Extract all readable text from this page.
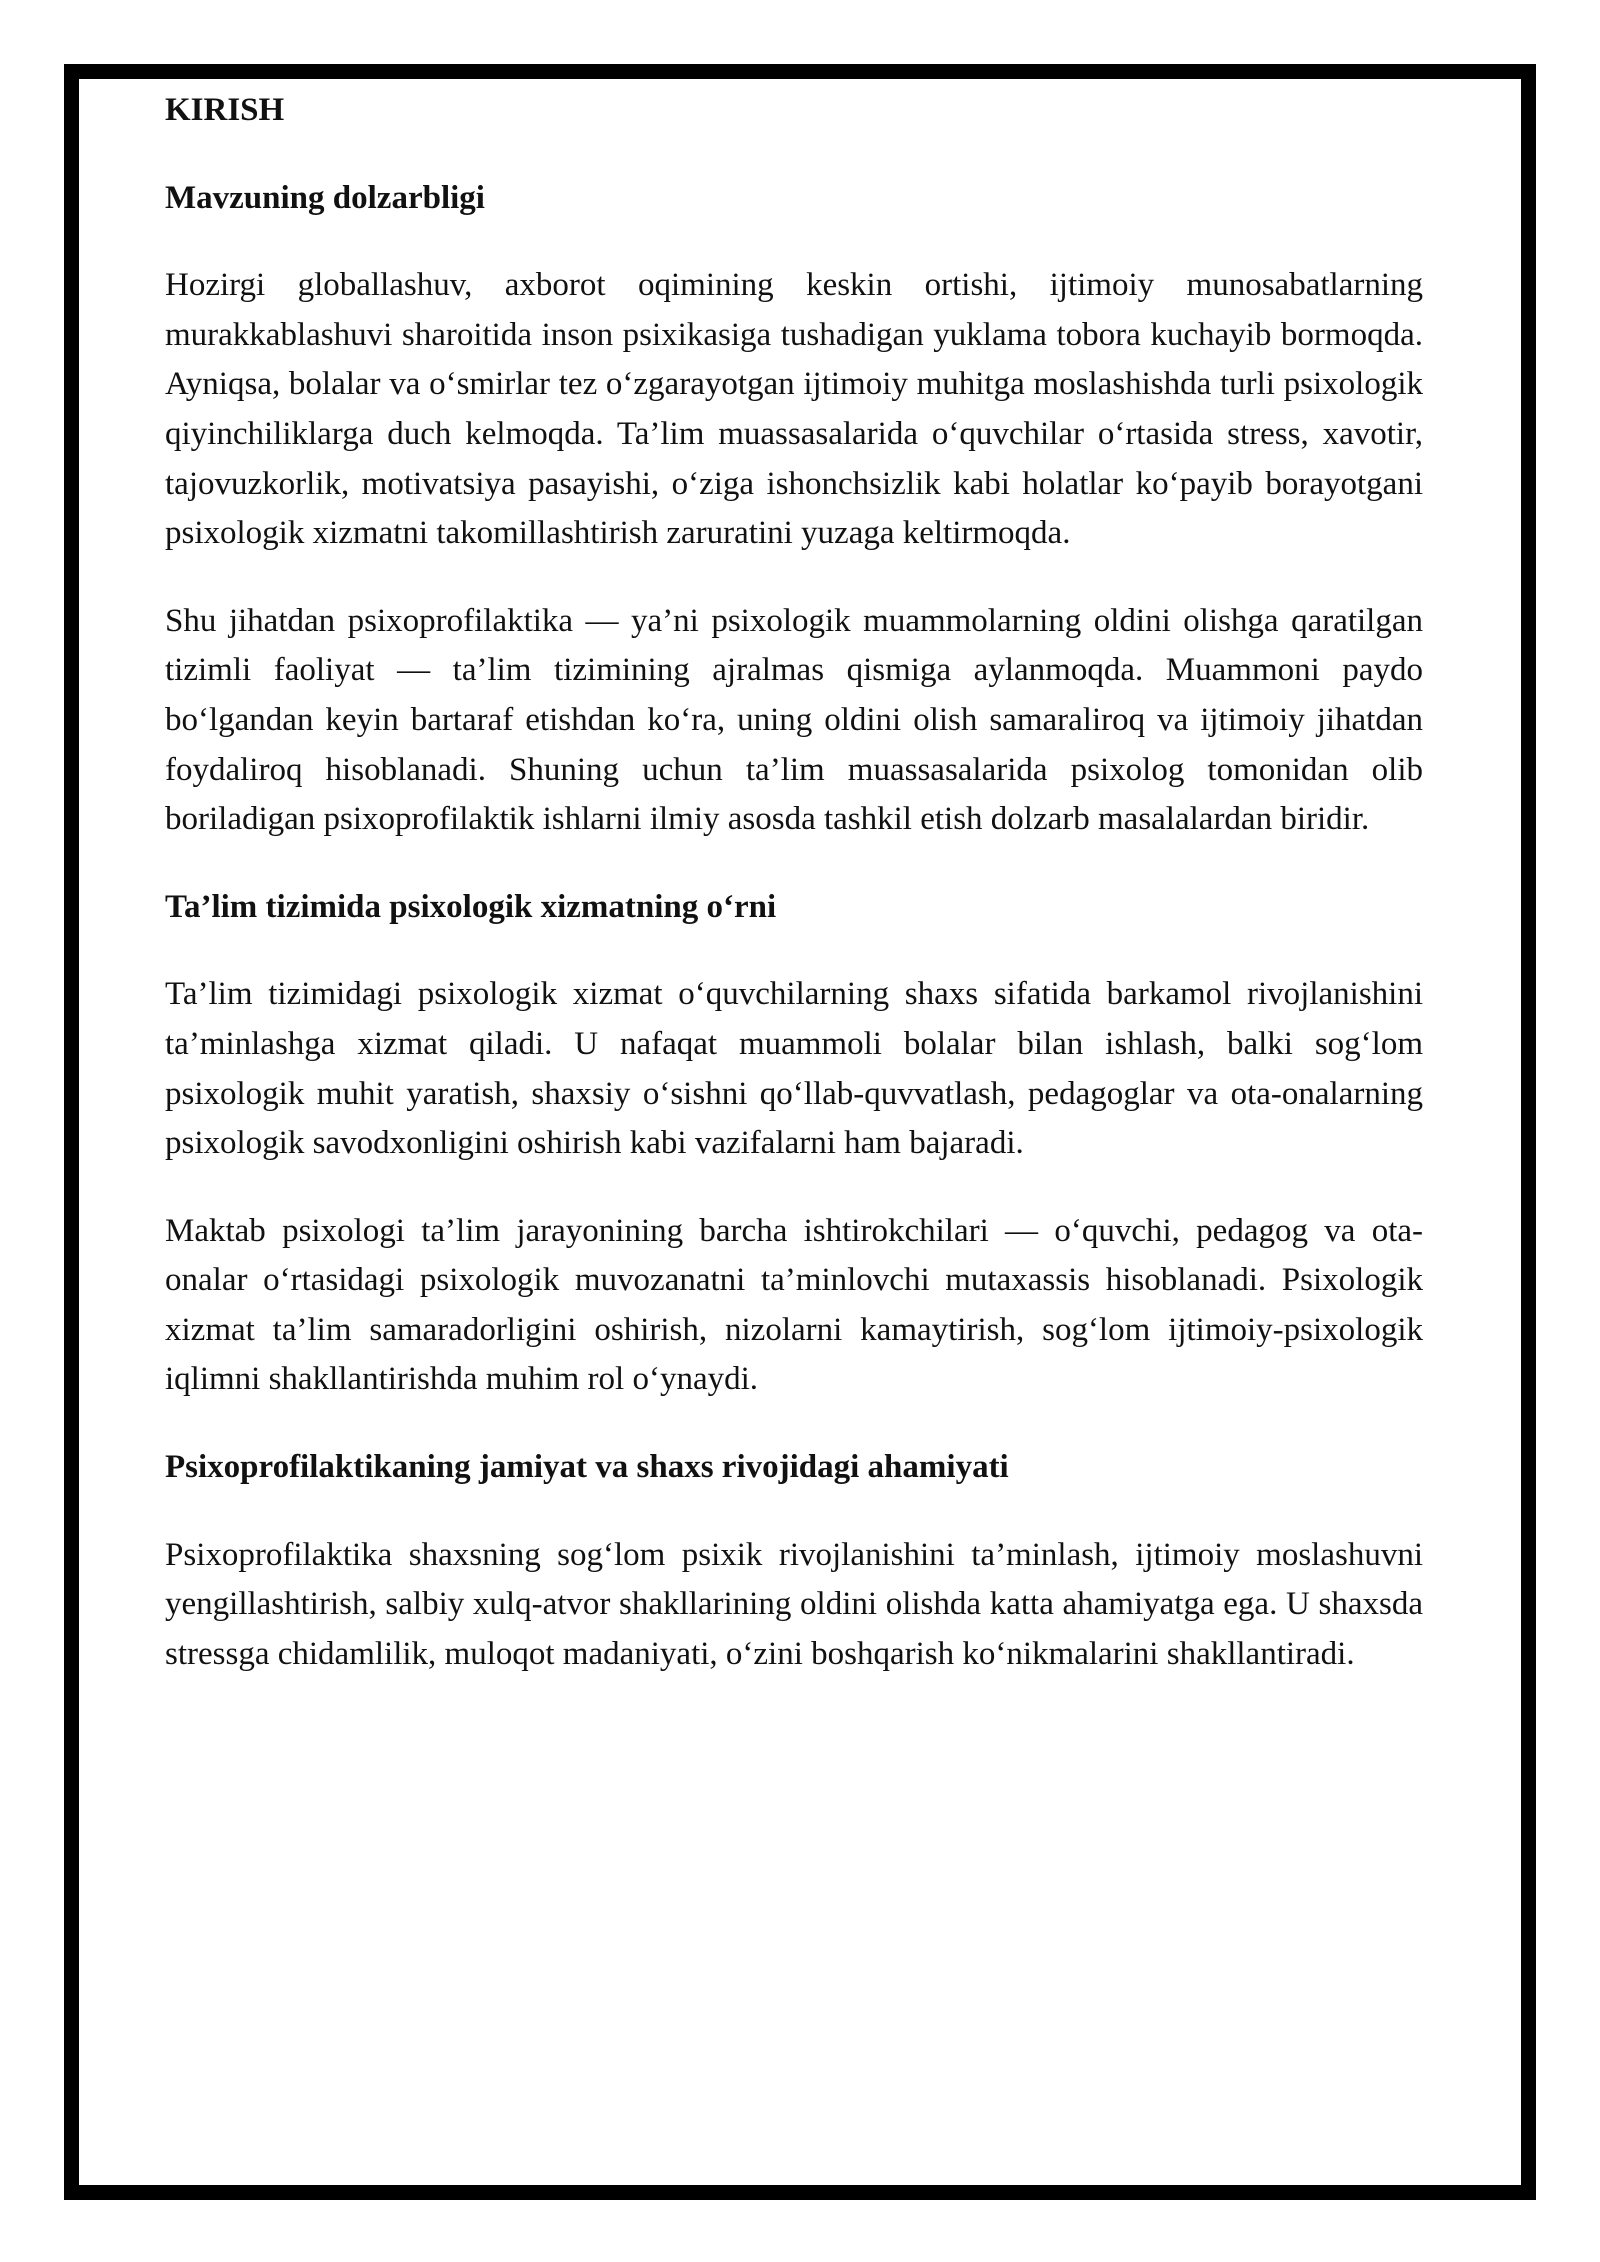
KIRISH
Mavzuning dolzarbligi

Hozirgi globallashuv, axborot oqimining keskin ortishi, ijtimoiy munosabatlarning murakkablashuvi sharoitida inson psixikasiga tushadigan yuklama tobora kuchayib bormoqda. Ayniqsa, bolalar va o‘smirlar tez o‘zgarayotgan ijtimoiy muhitga moslashishda turli psixologik qiyinchiliklarga duch kelmoqda. Ta’lim muassasalarida o‘quvchilar o‘rtasida stress, xavotir, tajovuzkorlik, motivatsiya pasayishi, o‘ziga ishonchsizlik kabi holatlar ko‘payib borayotgani psixologik xizmatni takomillashtirish zaruratini yuzaga keltirmoqda.

Shu jihatdan psixoprofilaktika — ya’ni psixologik muammolarning oldini olishga qaratilgan tizimli faoliyat — ta’lim tizimining ajralmas qismiga aylanmoqda. Muammoni paydo bo‘lgandan keyin bartaraf etishdan ko‘ra, uning oldini olish samaraliroq va ijtimoiy jihatdan foydaliroq hisoblanadi. Shuning uchun ta’lim muassasalarida psixolog tomonidan olib boriladigan psixoprofilaktik ishlarni ilmiy asosda tashkil etish dolzarb masalalardan biridir.

Ta’lim tizimida psixologik xizmatning o‘rni

Ta’lim tizimidagi psixologik xizmat o‘quvchilarning shaxs sifatida barkamol rivojlanishini ta’minlashga xizmat qiladi. U nafaqat muammoli bolalar bilan ishlash, balki sog‘lom psixologik muhit yaratish, shaxsiy o‘sishni qo‘llab-quvvatlash, pedagoglar va ota-onalarning psixologik savodxonligini oshirish kabi vazifalarni ham bajaradi.

Maktab psixologi ta’lim jarayonining barcha ishtirokchilari — o‘quvchi, pedagog va ota-onalar o‘rtasidagi psixologik muvozanatni ta’minlovchi mutaxassis hisoblanadi. Psixologik xizmat ta’lim samaradorligini oshirish, nizolarni kamaytirish, sog‘lom ijtimoiy-psixologik iqlimni shakllantirishda muhim rol o‘ynaydi.

Psixoprofilaktikaning jamiyat va shaxs rivojidagi ahamiyati

Psixoprofilaktika shaxsning sog‘lom psixik rivojlanishini ta’minlash, ijtimoiy moslashuvni yengillashtirish, salbiy xulq-atvor shakllarining oldini olishda katta ahamiyatga ega. U shaxsda stressga chidamlilik, muloqot madaniyati, o‘zini boshqarish ko‘nikmalarini shakllantiradi.
